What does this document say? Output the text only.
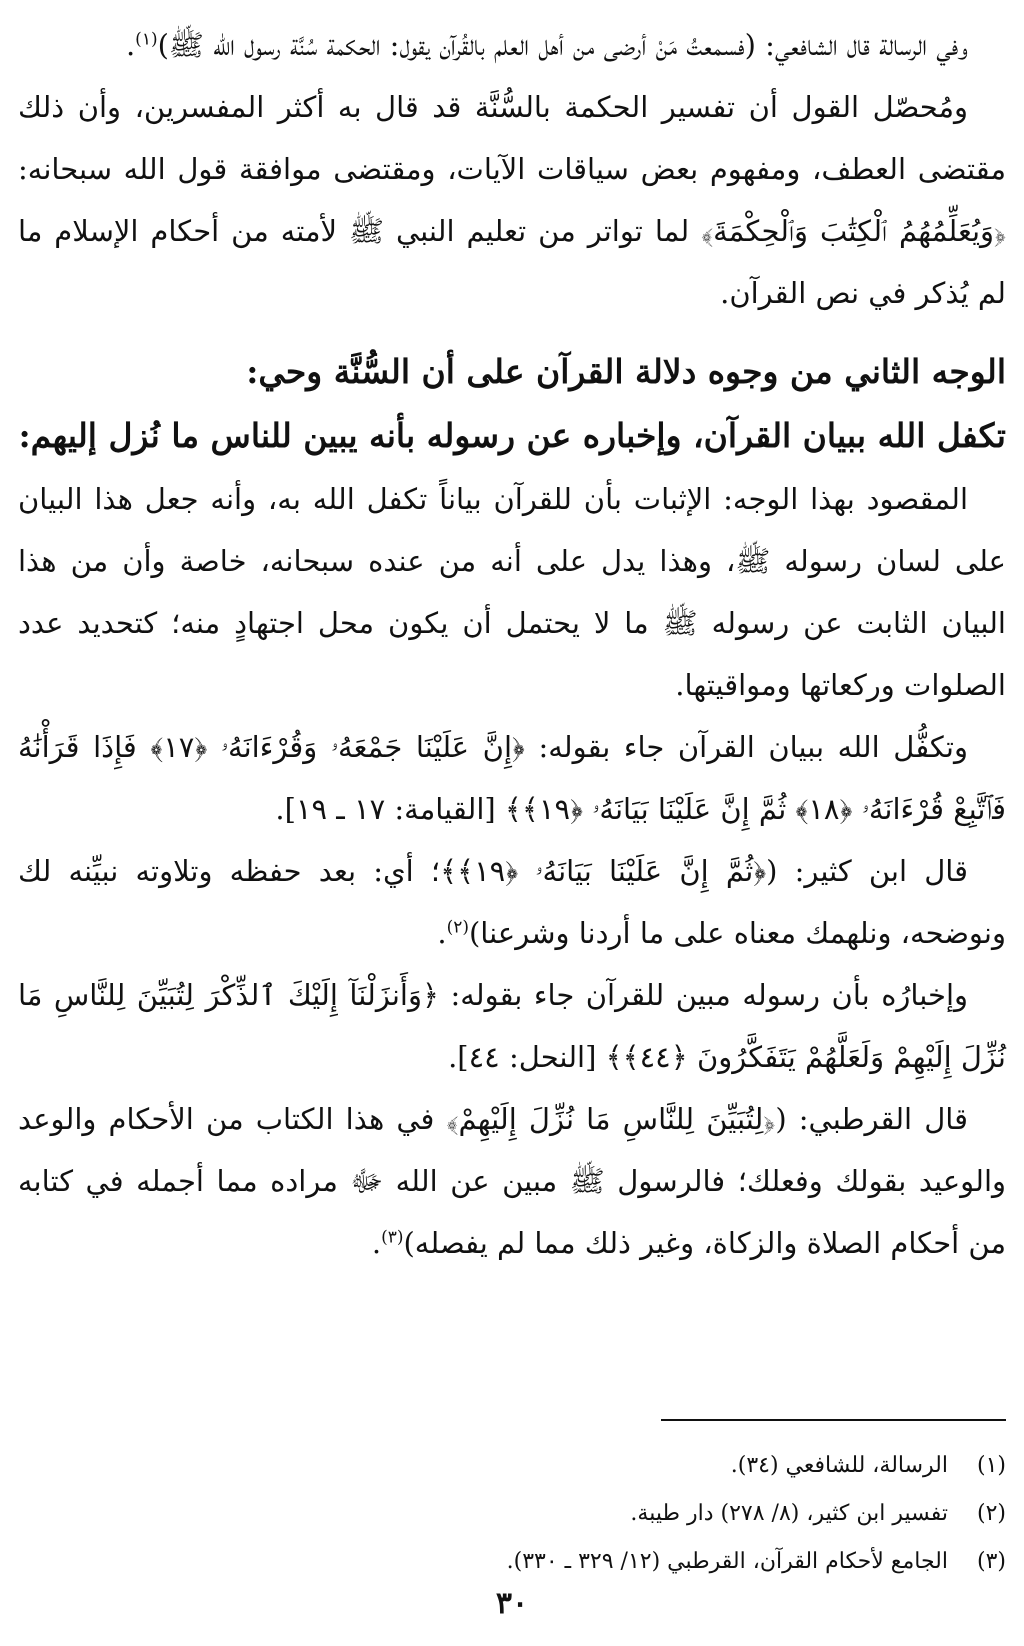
وفي الرسالة قال الشافعي: (فسمعتُ مَنْ أرضى من أهل العلم بالقُرآن يقول: الحكمة سُنَّة رسول الله ﷺ)$^{(١)}$.

ومُحصّل القول أن تفسير الحكمة بالسُّنَّة قد قال به أكثر المفسرين، وأن ذلك مقتضى العطف، ومفهوم بعض سياقات الآيات، ومقتضى موافقة قول الله سبحانه: ﴿وَيُعَلِّمُهُمُ ٱلْكِتَٰبَ وَٱلْحِكْمَةَ﴾ لما تواتر من تعليم النبي ﷺ لأمته من أحكام الإسلام ما لم يُذكر في نص القرآن.

الوجه الثاني من وجوه دلالة القرآن على أن السُّنَّة وحي:
تكفل الله ببيان القرآن، وإخباره عن رسوله بأنه يبين للناس ما نُزل إليهم:

المقصود بهذا الوجه: الإثبات بأن للقرآن بياناً تكفل الله به، وأنه جعل هذا البيان على لسان رسوله ﷺ، وهذا يدل على أنه من عنده سبحانه، خاصة وأن من هذا البيان الثابت عن رسوله ﷺ ما لا يحتمل أن يكون محل اجتهادٍ منه؛ كتحديد عدد الصلوات وركعاتها ومواقيتها.

وتكفُّل الله ببيان القرآن جاء بقوله: ﴿إِنَّ عَلَيْنَا جَمْعَهُۥ وَقُرْءَانَهُۥ ﴿١٧﴾ فَإِذَا قَرَأْنَٰهُ فَٱتَّبِعْ قُرْءَانَهُۥ ﴿١٨﴾ ثُمَّ إِنَّ عَلَيْنَا بَيَانَهُۥ ﴿١٩﴾﴾ [القيامة: ١٧ ـ ١٩].

قال ابن كثير: (﴿ثُمَّ إِنَّ عَلَيْنَا بَيَانَهُۥ ﴿١٩﴾﴾؛ أي: بعد حفظه وتلاوته نبيِّنه لك ونوضحه، ونلهمك معناه على ما أردنا وشرعنا)$^{(٢)}$.

وإخبارُه بأن رسوله مبين للقرآن جاء بقوله: ﴿وَأَنزَلْنَآ إِلَيْكَ ٱلذِّكْرَ لِتُبَيِّنَ لِلنَّاسِ مَا نُزِّلَ إِلَيْهِمْ وَلَعَلَّهُمْ يَتَفَكَّرُونَ ﴿٤٤﴾﴾ [النحل: ٤٤].

قال القرطبي: (﴿لِتُبَيِّنَ لِلنَّاسِ مَا نُزِّلَ إِلَيْهِمْ﴾ في هذا الكتاب من الأحكام والوعد والوعيد بقولك وفعلك؛ فالرسول ﷺ مبين عن الله ﷻ مراده مما أجمله في كتابه من أحكام الصلاة والزكاة، وغير ذلك مما لم يفصله)$^{(٣)}$.

(١)
الرسالة، للشافعي (٣٤).
(٢)
تفسير ابن كثير، (٨/ ٢٧٨) دار طيبة.
(٣)
الجامع لأحكام القرآن، القرطبي (١٢/ ٣٢٩ ـ ٣٣٠).
٣٠
